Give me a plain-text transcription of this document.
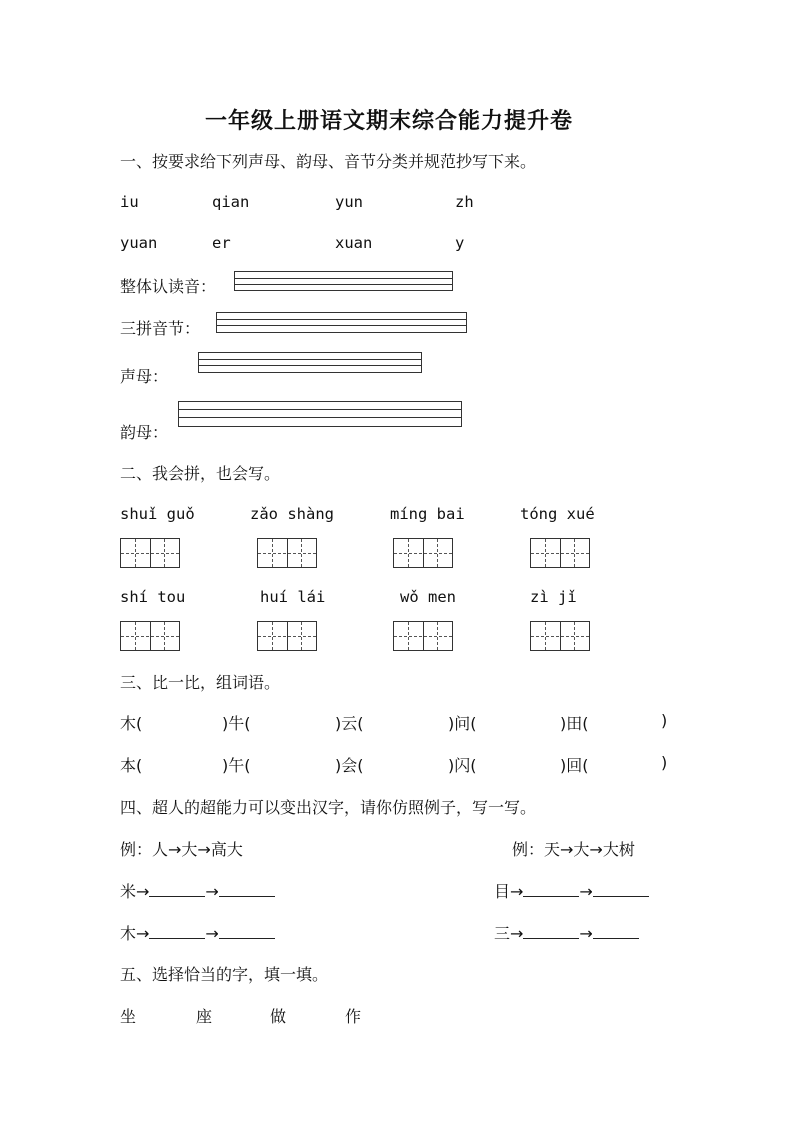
一年级上册语文期末综合能力提升卷
一、按要求给下列声母、韵母、音节分类并规范抄写下来。
iu	qian	yun	zh
yuan	er	xuan	y
整体认读音：
三拼音节：
声母：
韵母：
二、我会拼，也会写。
shuǐ guǒ	zǎo shàng	míng bai	tóng xué
shí tou	huí lái	wǒ men	zì jǐ
三、比一比，组词语。
木(	)牛(	)云(	)问(	)田(	)
本(	)午(	)会(	)闪(	)回(	)
四、超人的超能力可以变出汉字，请你仿照例子，写一写。
例：人→大→高大	例：天→大→大树
米→	→	目→	→
木→	→	三→	→
五、选择恰当的字，填一填。
坐	座	做	作
